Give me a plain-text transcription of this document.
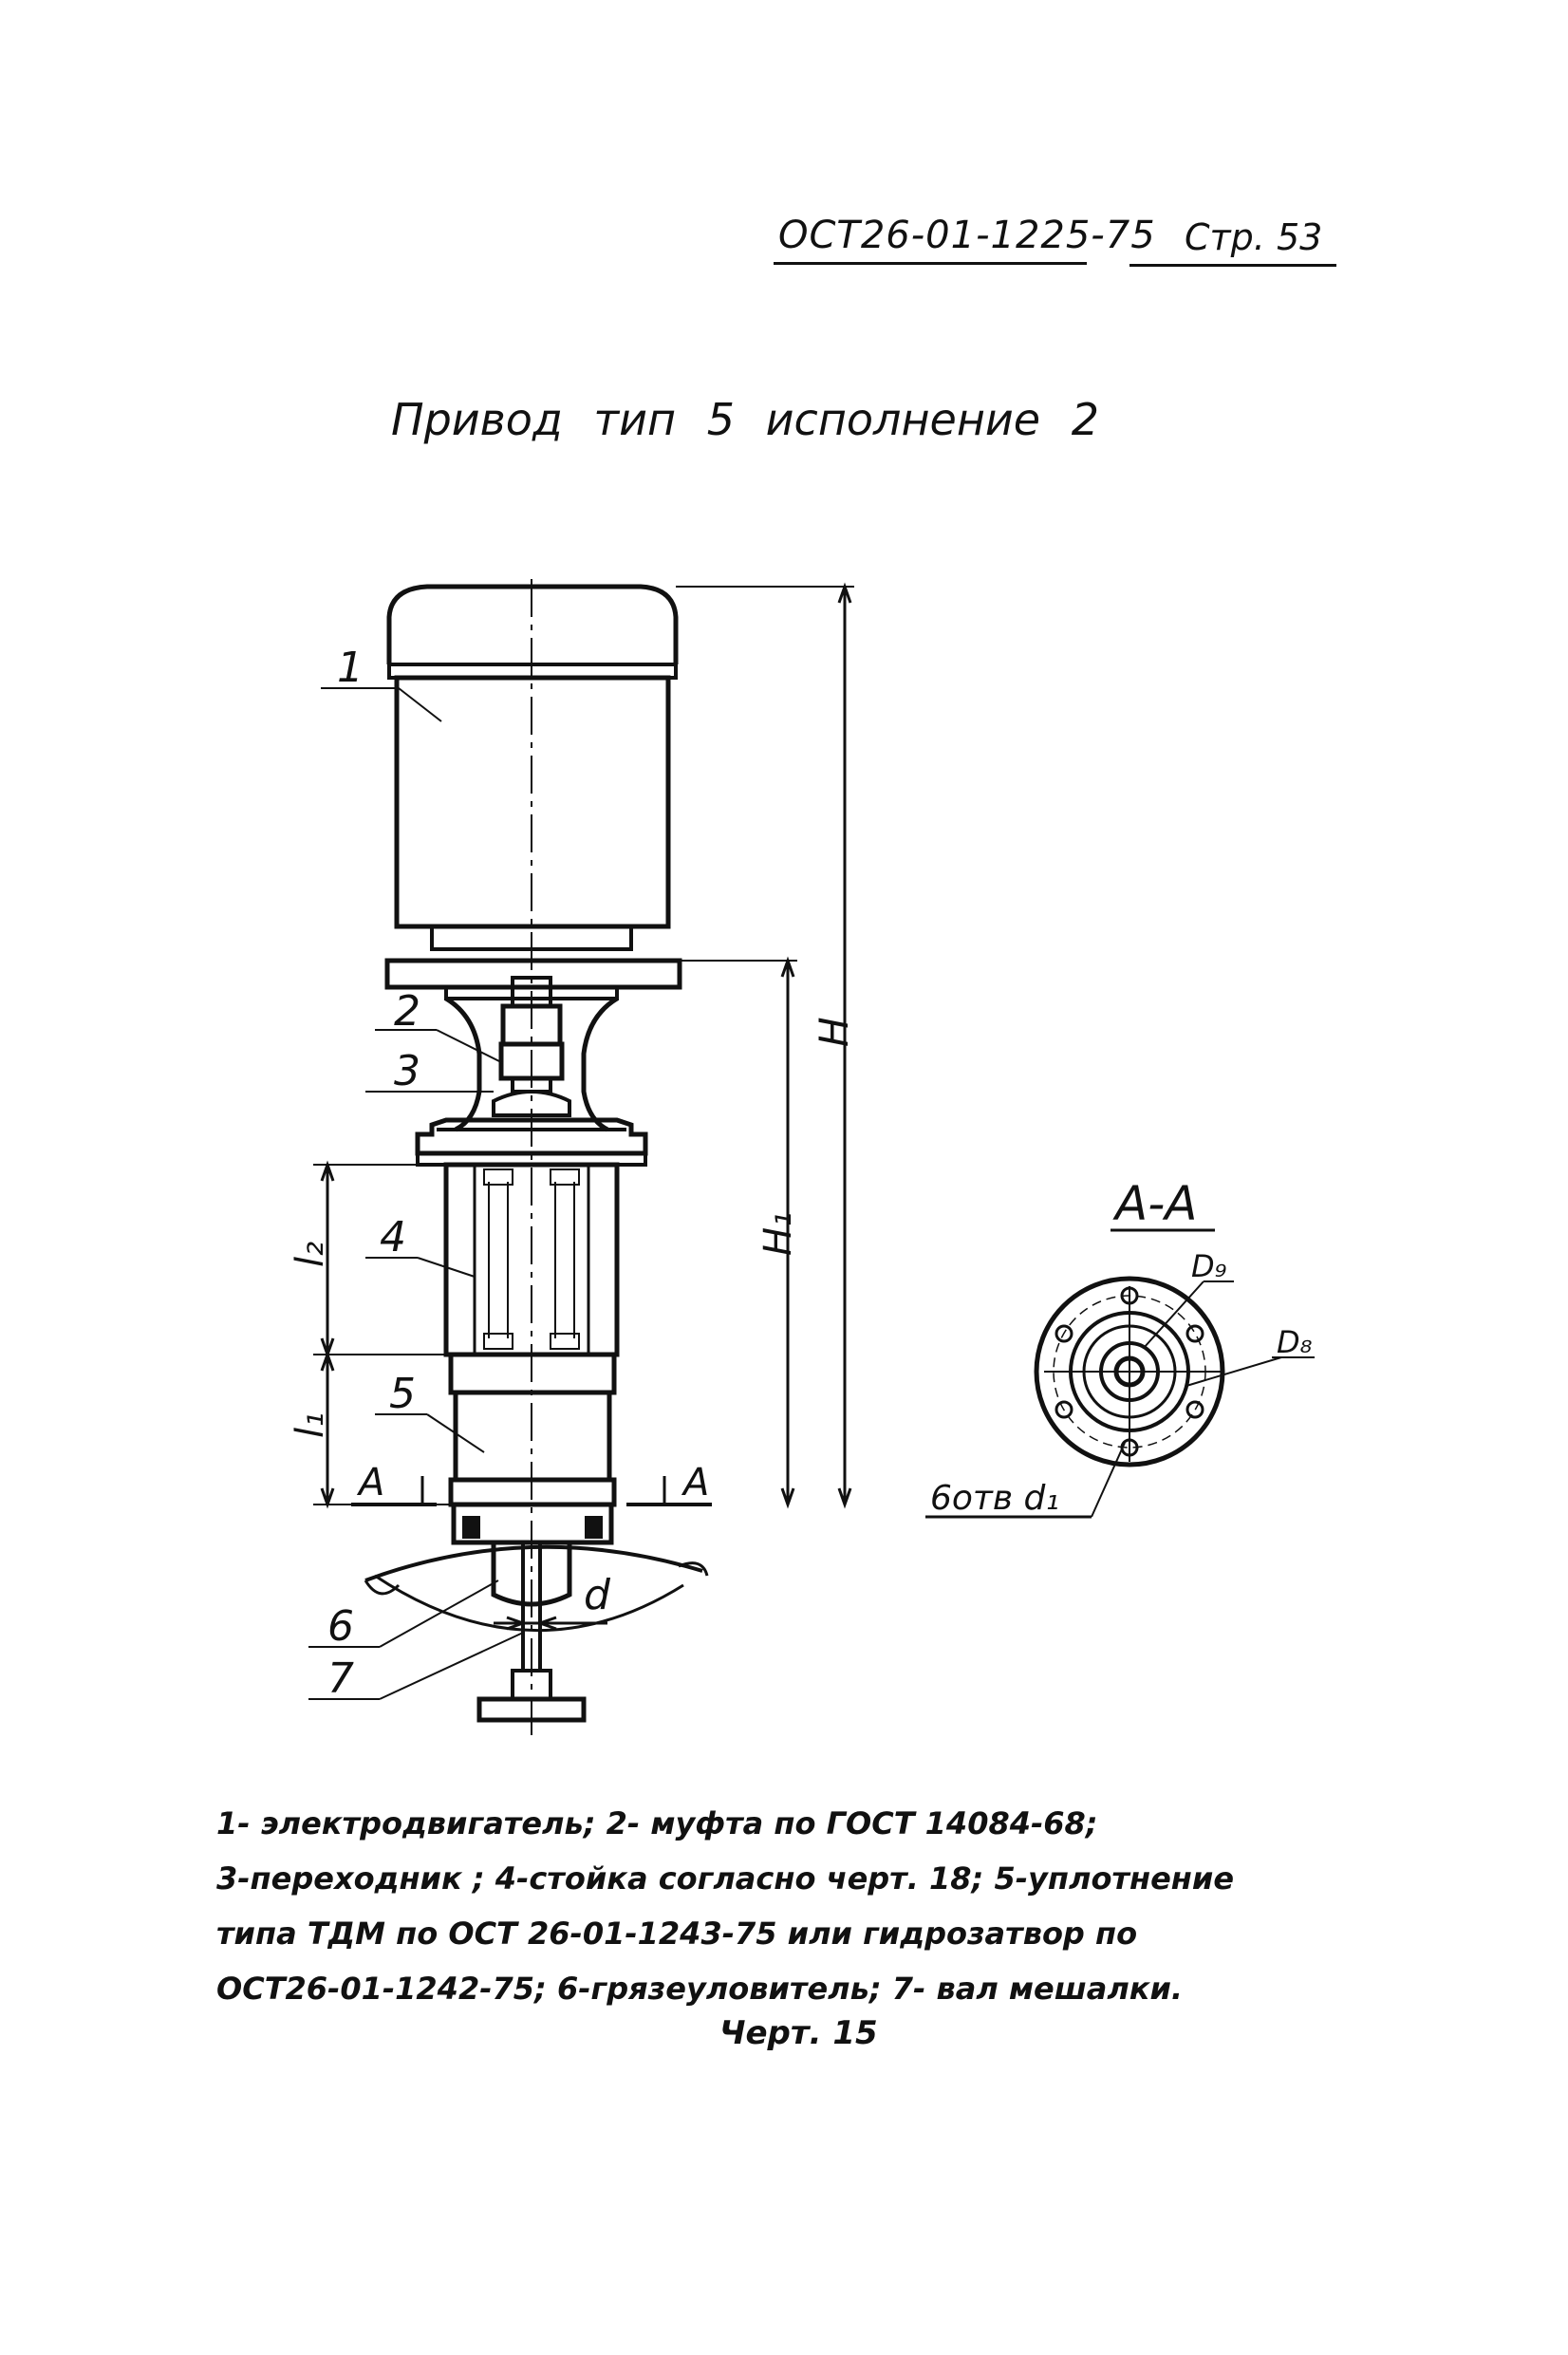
ОСТ26-01-1225-75 Стр. 53
Привод тип 5 исполнение 2
H
H₁
l₂
l₁
A	A
d
1
2
3
4
5
6
7
А-А
D₉
D₈
6отв d₁
1- электродвигатель; 2- муфта по ГОСТ 14084-68;
3-переходник ; 4-стойка согласно черт. 18; 5-уплотнение
типа ТДМ по ОСТ 26-01-1243-75 или гидрозатвор по
ОСТ26-01-1242-75; 6-грязеуловитель; 7- вал мешалки.
Черт. 15
